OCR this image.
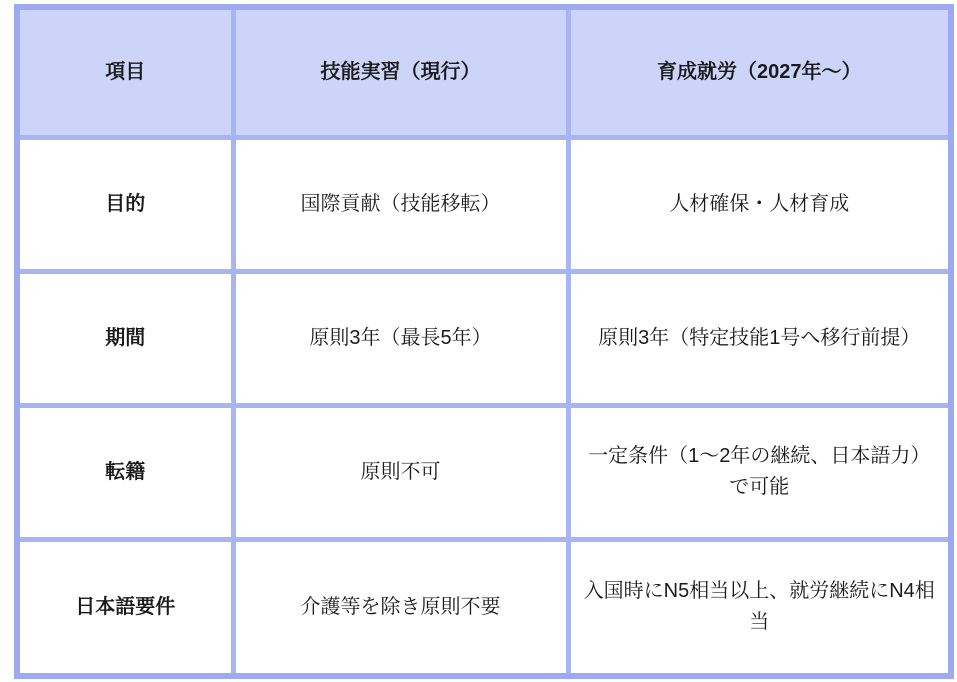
項目	技能実習（現行）	育成就労（2027年〜）
目的	国際貢献（技能移転）	人材確保・人材育成
期間	原則3年（最長5年）	原則3年（特定技能1号へ移行前提）
転籍	原則不可	一定条件（1〜2年の継続、日本語力）で可能
日本語要件	介護等を除き原則不要	入国時にN5相当以上、就労継続にN4相当
